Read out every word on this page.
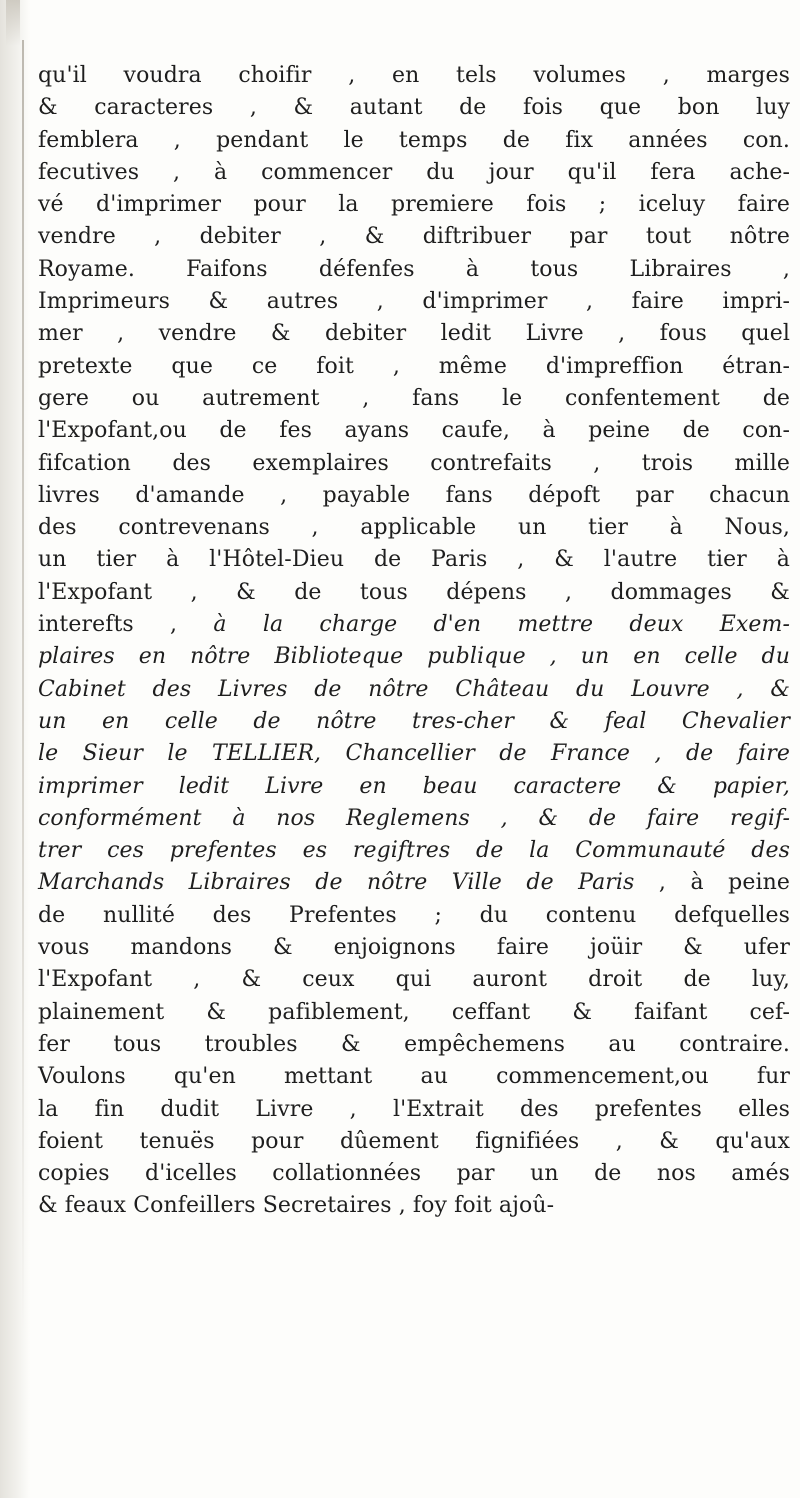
qu'il voudra choifir , en tels volumes , marges
& caracteres , & autant de fois que bon luy
femblera , pendant le temps de fix années con.
fecutives , à commencer du jour qu'il fera ache-
vé d'imprimer pour la premiere fois ; iceluy faire
vendre , debiter , & diftribuer par tout nôtre
Royame. Faifons défenfes à tous Libraires ,
Imprimeurs & autres , d'imprimer , faire impri-
mer , vendre & debiter ledit Livre , fous quel
pretexte que ce foit , même d'impreffion étran-
gere ou autrement , fans le confentement de
l'Expofant,ou de fes ayans caufe, à peine de con-
fifcation des exemplaires contrefaits , trois mille
livres d'amande , payable fans dépoft par chacun
des contrevenans , applicable un tier à Nous,
un tier à l'Hôtel-Dieu de Paris , & l'autre tier à
l'Expofant , & de tous dépens , dommages &
interefts , à la charge d'en mettre deux Exem-
plaires en nôtre Biblioteque publique , un en celle du
Cabinet des Livres de nôtre Château du Louvre , &
un en celle de nôtre tres-cher & feal Chevalier
le Sieur le TELLIER, Chancellier de France , de faire
imprimer ledit Livre en beau caractere & papier,
conformément à nos Reglemens , & de faire regif-
trer ces prefentes es regiftres de la Communauté des
Marchands Libraires de nôtre Ville de Paris , à peine
de nullité des Prefentes ; du contenu defquelles
vous mandons & enjoignons faire joüir & ufer
l'Expofant , & ceux qui auront droit de luy,
plainement & pafiblement, ceffant & faifant cef-
fer tous troubles & empêchemens au contraire.
Voulons qu'en mettant au commencement,ou fur
la fin dudit Livre , l'Extrait des prefentes elles
foient tenuës pour dûement fignifiées , & qu'aux
copies d'icelles collationnées par un de nos amés
& feaux Confeillers Secretaires , foy foit ajoû-
